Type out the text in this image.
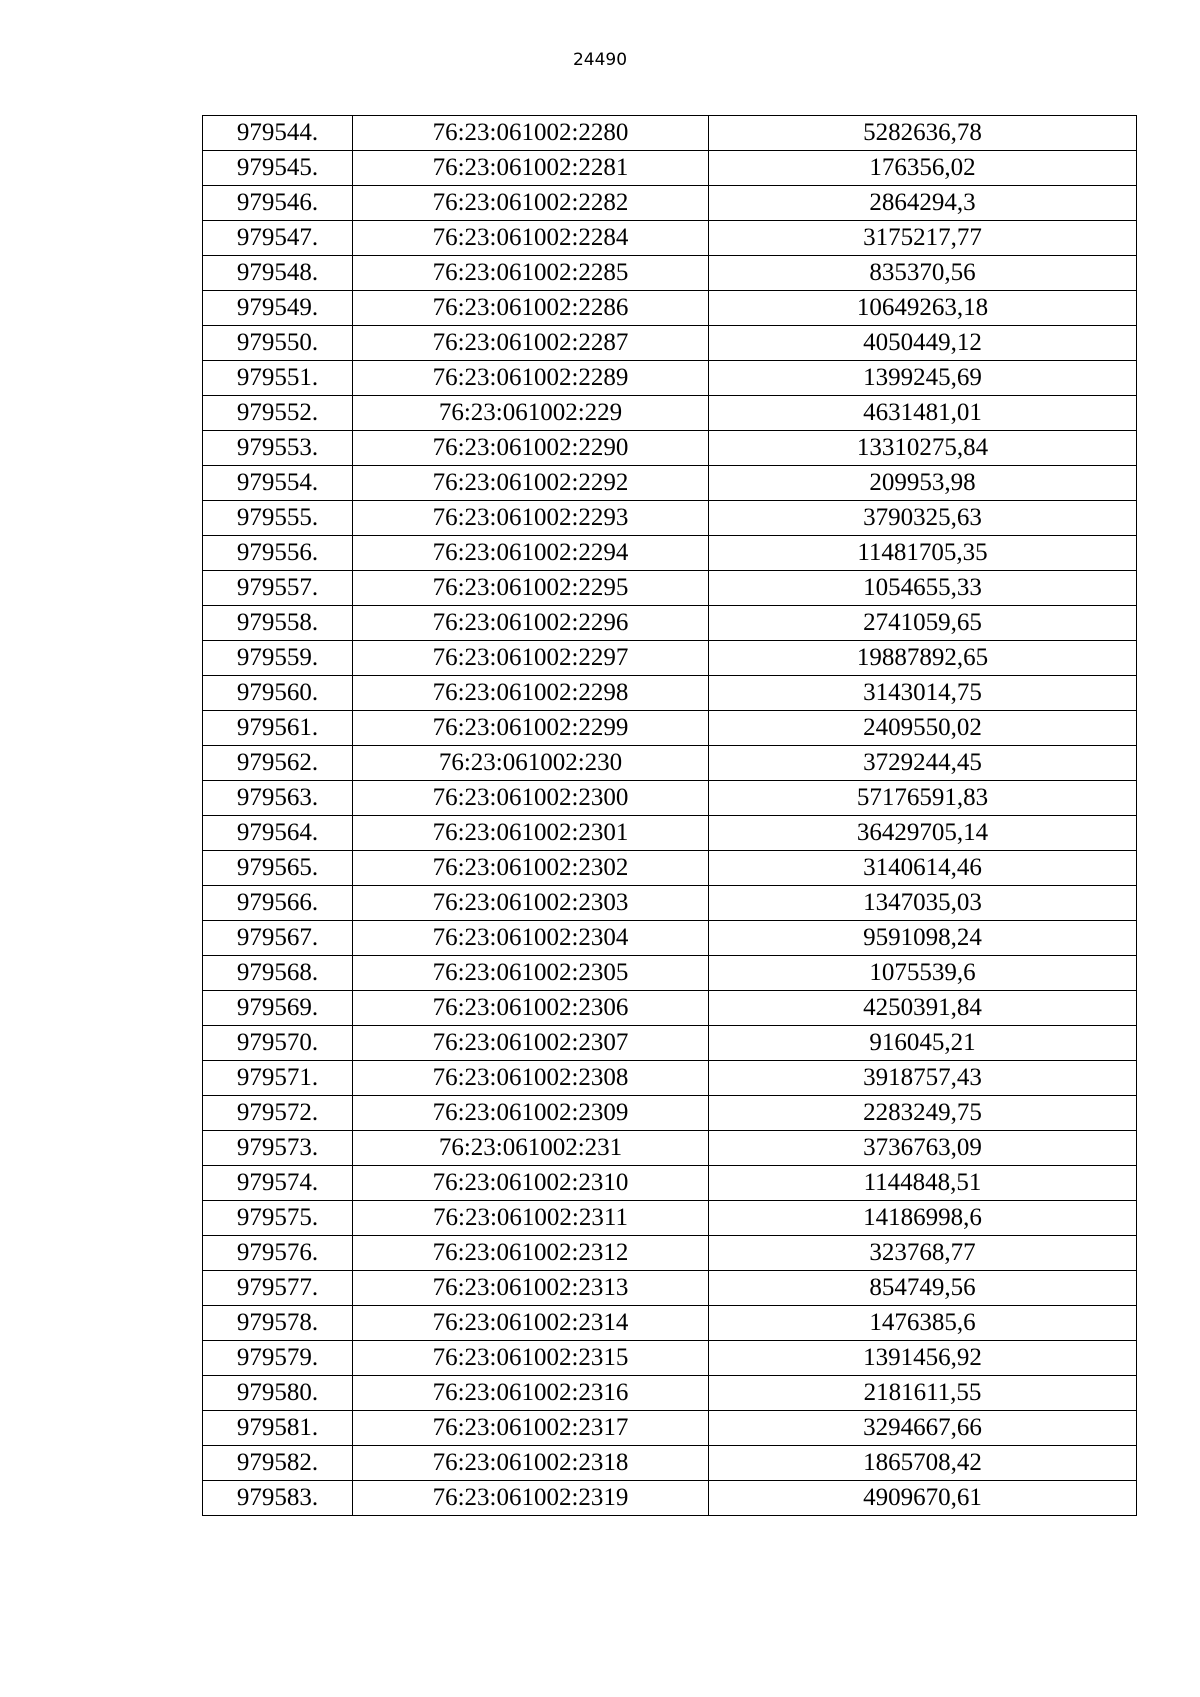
24490
979544.	76:23:061002:2280	5282636,78
979545.	76:23:061002:2281	176356,02
979546.	76:23:061002:2282	2864294,3
979547.	76:23:061002:2284	3175217,77
979548.	76:23:061002:2285	835370,56
979549.	76:23:061002:2286	10649263,18
979550.	76:23:061002:2287	4050449,12
979551.	76:23:061002:2289	1399245,69
979552.	76:23:061002:229	4631481,01
979553.	76:23:061002:2290	13310275,84
979554.	76:23:061002:2292	209953,98
979555.	76:23:061002:2293	3790325,63
979556.	76:23:061002:2294	11481705,35
979557.	76:23:061002:2295	1054655,33
979558.	76:23:061002:2296	2741059,65
979559.	76:23:061002:2297	19887892,65
979560.	76:23:061002:2298	3143014,75
979561.	76:23:061002:2299	2409550,02
979562.	76:23:061002:230	3729244,45
979563.	76:23:061002:2300	57176591,83
979564.	76:23:061002:2301	36429705,14
979565.	76:23:061002:2302	3140614,46
979566.	76:23:061002:2303	1347035,03
979567.	76:23:061002:2304	9591098,24
979568.	76:23:061002:2305	1075539,6
979569.	76:23:061002:2306	4250391,84
979570.	76:23:061002:2307	916045,21
979571.	76:23:061002:2308	3918757,43
979572.	76:23:061002:2309	2283249,75
979573.	76:23:061002:231	3736763,09
979574.	76:23:061002:2310	1144848,51
979575.	76:23:061002:2311	14186998,6
979576.	76:23:061002:2312	323768,77
979577.	76:23:061002:2313	854749,56
979578.	76:23:061002:2314	1476385,6
979579.	76:23:061002:2315	1391456,92
979580.	76:23:061002:2316	2181611,55
979581.	76:23:061002:2317	3294667,66
979582.	76:23:061002:2318	1865708,42
979583.	76:23:061002:2319	4909670,61
